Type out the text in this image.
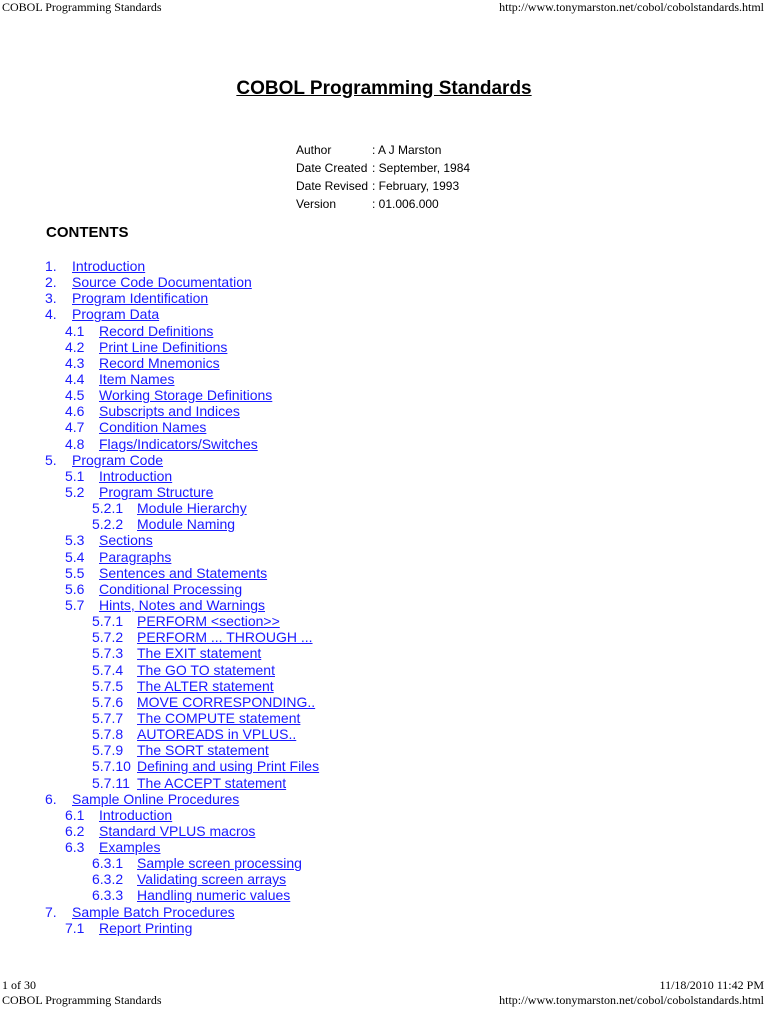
COBOL Programming Standards	http://www.tonymarston.net/cobol/cobolstandards.html
COBOL Programming Standards
Author	: A J Marston
Date Created : September, 1984
Date Revised : February, 1993
Version	: 01.006.000
CONTENTS
1. Introduction
2. Source Code Documentation
3. Program Identification
4. Program Data
4.1 Record Definitions
4.2 Print Line Definitions
4.3 Record Mnemonics
4.4 Item Names
4.5 Working Storage Definitions
4.6 Subscripts and Indices
4.7 Condition Names
4.8 Flags/Indicators/Switches
5. Program Code
5.1 Introduction
5.2 Program Structure
5.2.1 Module Hierarchy
5.2.2 Module Naming
5.3 Sections
5.4 Paragraphs
5.5 Sentences and Statements
5.6 Conditional Processing
5.7 Hints, Notes and Warnings
5.7.1 PERFORM <section>>
5.7.2 PERFORM ... THROUGH ...
5.7.3 The EXIT statement
5.7.4 The GO TO statement
5.7.5 The ALTER statement
5.7.6 MOVE CORRESPONDING..
5.7.7 The COMPUTE statement
5.7.8 AUTOREADS in VPLUS..
5.7.9 The SORT statement
5.7.10 Defining and using Print Files
5.7.11 The ACCEPT statement
6. Sample Online Procedures
6.1 Introduction
6.2 Standard VPLUS macros
6.3 Examples
6.3.1 Sample screen processing
6.3.2 Validating screen arrays
6.3.3 Handling numeric values
7. Sample Batch Procedures
7.1 Report Printing
1 of 30	11/18/2010 11:42 PM
COBOL Programming Standards	http://www.tonymarston.net/cobol/cobolstandards.html
